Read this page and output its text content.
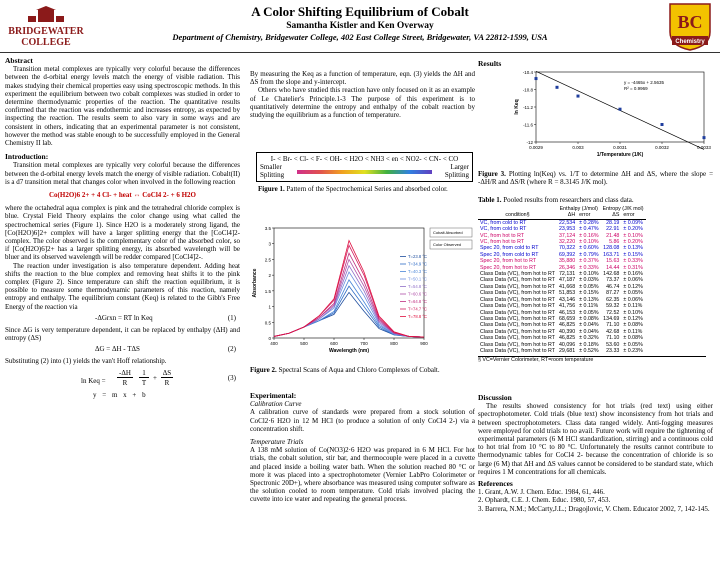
BRIDGEWATER
COLLEGE
A Color Shifting Equilibrium of Cobalt
Samantha Kistler and Ken Overway
Department of Chemistry, Bridgewater College, 402 East College Street, Bridgewater, VA 22812-1599, USA
BC
Chemistry
Abstract
Transition metal complexes are typically very colorful because the differences between the d-orbital energy levels match the energy of visible radiation. This makes studying their chemical properties easy using spectroscopic methods. In this experiment the equilibrium between two cobalt complexes was studied in order to determine thermodynamic properties of the reaction. The quantitative results confirmed that the reaction was endothermic and increases entropy, as expected by inspecting the reaction. The results seem to also vary in some ways and are consistent in others, indicating that an experimental parameter is not consistent, however the method was stable enough to be successfully employed in the General Chemistry II lab.
Introduction:
Transition metal complexes are typically very colorful because the differences between the d-orbital energy levels match the energy of visible radiation. Cobalt(II) is a d7 transition metal that changes color when involved in the following reaction
Co(H2O)6 2+ + 4 Cl- + heat ⇔ CoCl4 2- + 6 H2O
where the octahedral aqua complex is pink and the tetrahedral chloride complex is blue. Crystal Field Theory explains the color change using what called the spectrochemical series (Figure 1). Since H2O is a moderately strong ligand, the [Co(H2O)6]2+ complex will have a larger splitting energy that the [CoCl4]2- complex. The color observed is the complementary color of the absorbed color, so if [Co(H2O)6]2+ has a larger splitting energy, its absorbed wavelength will be bluer and its observed wavelength will be redder compared [CoCl4]2-.
The reaction under investigation is also temperature dependent. Adding heat shifts the reaction to the blue complex and removing heat shifts it to the pink complex (Figure 2). Since temperature can shift the reaction equilibrium, it is possible to measure some thermodynamic parameters of this reaction, namely entropy and enthalpy. The equilibrium constant (Keq) is related to the Gibb's Free Energy of the reaction via
-ΔGrxn = RT ln Keq	(1)
Since ΔG is very temperature dependent, it can be replaced by enthalpy (ΔH) and entropy (ΔS)
ΔG = ΔH - TΔS	(2)
Substituting (2) into (1) yields the van't Hoff relationship.
ln Keq =
-ΔH
R
1
T
+
ΔS
R
(3)
y = m x + b
By measuring the Keq as a function of temperature, eqn. (3) yields the ΔH and ΔS from the slope and y-intercept.
Others who have studied this reaction have only focused on it as an example of Le Chatelier's Principle.1-3 The purpose of this experiment is to quantitatively determine the entropy and enthalpy of the cobalt reaction by studying the equilibrium as a function of temperature.
I- < Br- < Cl- < F- < OH- < H2O < NH3 < en < NO2- < CN- < CO
Smaller
Splitting
Larger
Splitting
Figure 1. Pattern of the Spectrochemical Series and absorbed color.
0
0.5
1
1.5
2
2.5
3
3.5
400	500	600	700	800	900
Wavelength (nm)
Absorbance
Cobalt Absorbed
Color Observed
T=23.8 °C
T=34.9 °C
T=40.3 °C
T=50.1 °C
T=54.8 °C
T=60.6 °C
T=64.8 °C
T=74.7 °C
T=78.8 °C
Figure 2. Spectral Scans of Aqua and Chloro Complexes of Cobalt.
Experimental:
Calibration Curve
A calibration curve of standards were prepared from a stock solution of CoCl2·6 H2O in 12 M HCl (to produce a solution of only CoCl4 2-) via a concentration shift.
Temperature Trials
A 138 mM solution of Co(NO3)2·6 H2O was prepared in 6 M HCl. For hot trials, the cobalt solution, stir bar, and thermocouple were placed in a cuvette and placed inside a boiling water bath. When the solution reached 80 °C or more it was placed into a spectrophotometer (Vernier LabPro Colorimeter or Spectronic 20D+), where absorbance was measured using computer software as the solution cooled to room temperature. Cold trials involved placing the cuvette into ice water and repeating the general process.
Results
-10.4
-10.8
-11.2
-11.6
-12
0.0029	0.003	0.0031	0.0032	0.0033
1/Temperature (1/K)
ln Keq
y = -4465x + 2.5635
R² = 0.9969
Figure 3. Plotting ln(Keq) vs. 1/T to determine ΔH and ΔS, where the slope = -ΔH/R and ΔS/R (where R = 8.3145 J/K mol).
Table 1. Pooled results from researchers and class data.
	Enthalpy (J/mol)		Entropy (J/K mol)	
condition§	ΔH	error	ΔS	error
VC, from cold to RT	22,534	± 0.28%	28.19	± 0.09%
VC, from cold to RT	23,953	± 0.47%	22.91	± 0.20%
VC, from hot to RT	37,124	± 0.16%	21.48	± 0.10%
VC, from hot to RT	32,220	± 0.10%	5.86	± 0.20%
Spec 20, from cold to RT	70,322	± 0.60%	128.08	± 0.13%
Spec 20, from cold to RT	69,392	± 0.79%	163.71	± 0.15%
Spec 20, from hot to RT	35,880	± 0.37%	15.63	± 0.33%
Spec 20, from hot to RT	26,346	± 0.33%	14.44	± 0.31%
Class Data (VC), from hot to RT	72,131	± 0.10%	142.68	± 0.16%
Class Data (VC), from hot to RT	47,187	± 0.03%	73.37	± 0.06%
Class Data (VC), from hot to RT	41,668	± 0.05%	46.74	± 0.12%
Class Data (VC), from hot to RT	51,853	± 0.15%	87.27	± 0.05%
Class Data (VC), from hot to RT	43,146	± 0.13%	62.35	± 0.06%
Class Data (VC), from hot to RT	41,756	± 0.11%	59.32	± 0.11%
Class Data (VC), from hot to RT	46,153	± 0.05%	72.52	± 0.10%
Class Data (VC), from hot to RT	68,659	± 0.08%	134.69	± 0.12%
Class Data (VC), from hot to RT	46,825	± 0.04%	71.10	± 0.08%
Class Data (VC), from hot to RT	40,390	± 0.04%	42.68	± 0.11%
Class Data (VC), from hot to RT	46,825	± 0.32%	71.10	± 0.08%
Class Data (VC), from hot to RT	40,096	± 0.18%	53.60	± 0.05%
Class Data (VC), from hot to RT	29,681	± 0.52%	23.33	± 0.23%
§ VC=Vernier Colorimeter, RT=room temperature
Discussion
The results showed consistency for hot trials (red text) using either spectrophotometer. Cold trials (blue text) show inconsistency from hot trials and between spectrophotometers. Class data ranged widely. Anti-fogging measures were employed for cold trials to no avail. Future work will require the tightening of experimental parameters (6 M HCl standardization, stirring) and a continuous cold to hot trial from 10 °C to 80 °C. Unfortunately the results cannot contribute to thermodynamic tables for CoCl4 2- because the concentration of chloride is so large (6 M) that ΔH and ΔS values cannot be considered to be standard state, which requires 1 M concentrations for all chemicals.
References
1. Grant, A.W. J. Chem. Educ. 1984, 61, 446.
2. Ophardt, C.E. J. Chem. Educ. 1980, 57, 453.
3. Barrera, N.M.; McCarty,J.L.; Dragojlovic, V. Chem. Educator 2002, 7, 142-145.
